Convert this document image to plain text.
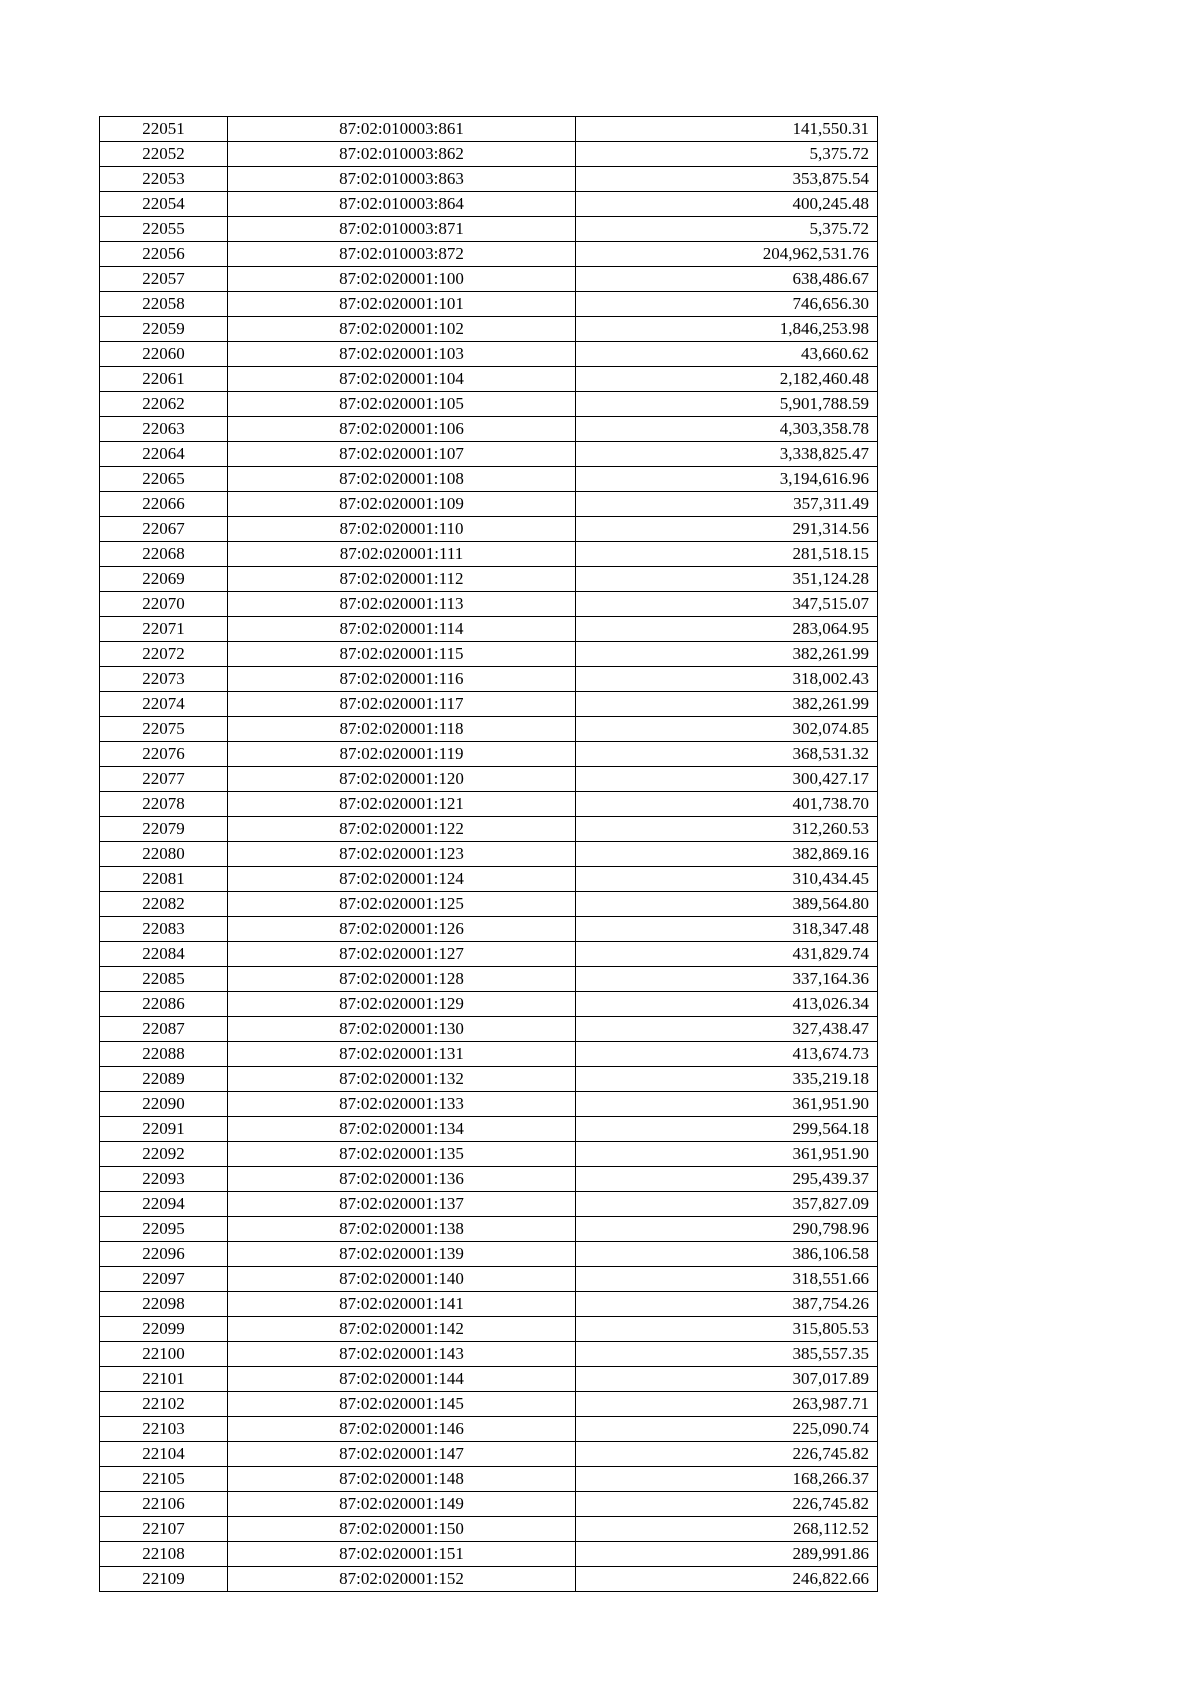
22051	87:02:010003:861	141,550.31
22052	87:02:010003:862	5,375.72
22053	87:02:010003:863	353,875.54
22054	87:02:010003:864	400,245.48
22055	87:02:010003:871	5,375.72
22056	87:02:010003:872	204,962,531.76
22057	87:02:020001:100	638,486.67
22058	87:02:020001:101	746,656.30
22059	87:02:020001:102	1,846,253.98
22060	87:02:020001:103	43,660.62
22061	87:02:020001:104	2,182,460.48
22062	87:02:020001:105	5,901,788.59
22063	87:02:020001:106	4,303,358.78
22064	87:02:020001:107	3,338,825.47
22065	87:02:020001:108	3,194,616.96
22066	87:02:020001:109	357,311.49
22067	87:02:020001:110	291,314.56
22068	87:02:020001:111	281,518.15
22069	87:02:020001:112	351,124.28
22070	87:02:020001:113	347,515.07
22071	87:02:020001:114	283,064.95
22072	87:02:020001:115	382,261.99
22073	87:02:020001:116	318,002.43
22074	87:02:020001:117	382,261.99
22075	87:02:020001:118	302,074.85
22076	87:02:020001:119	368,531.32
22077	87:02:020001:120	300,427.17
22078	87:02:020001:121	401,738.70
22079	87:02:020001:122	312,260.53
22080	87:02:020001:123	382,869.16
22081	87:02:020001:124	310,434.45
22082	87:02:020001:125	389,564.80
22083	87:02:020001:126	318,347.48
22084	87:02:020001:127	431,829.74
22085	87:02:020001:128	337,164.36
22086	87:02:020001:129	413,026.34
22087	87:02:020001:130	327,438.47
22088	87:02:020001:131	413,674.73
22089	87:02:020001:132	335,219.18
22090	87:02:020001:133	361,951.90
22091	87:02:020001:134	299,564.18
22092	87:02:020001:135	361,951.90
22093	87:02:020001:136	295,439.37
22094	87:02:020001:137	357,827.09
22095	87:02:020001:138	290,798.96
22096	87:02:020001:139	386,106.58
22097	87:02:020001:140	318,551.66
22098	87:02:020001:141	387,754.26
22099	87:02:020001:142	315,805.53
22100	87:02:020001:143	385,557.35
22101	87:02:020001:144	307,017.89
22102	87:02:020001:145	263,987.71
22103	87:02:020001:146	225,090.74
22104	87:02:020001:147	226,745.82
22105	87:02:020001:148	168,266.37
22106	87:02:020001:149	226,745.82
22107	87:02:020001:150	268,112.52
22108	87:02:020001:151	289,991.86
22109	87:02:020001:152	246,822.66
